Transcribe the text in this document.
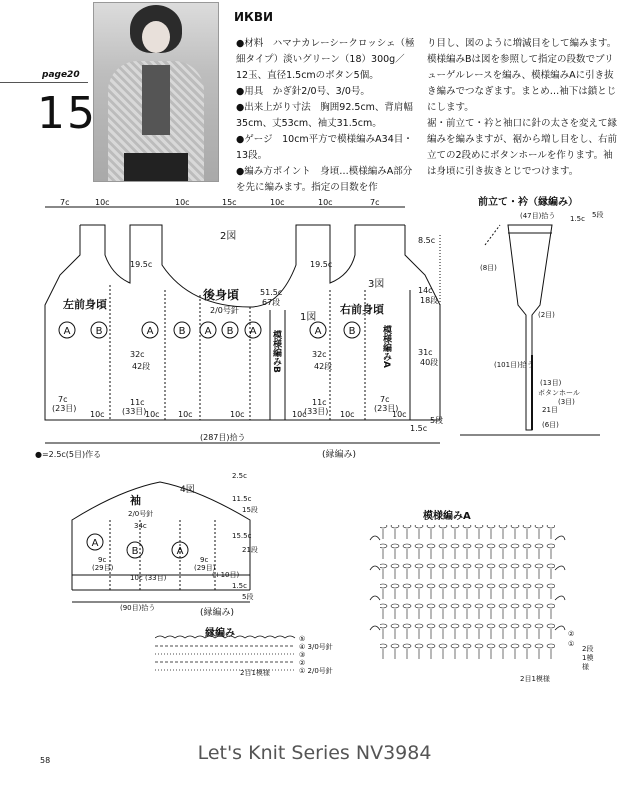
ИКВИ
page20
15

●材料　ハマナカレーシークロッシェ（極細タイプ）淡いグリーン（18）300g／12玉、直径1.5cmのボタン5個。

●用具　かぎ針2/0号、3/0号。

●出来上がり寸法　胸囲92.5cm、背肩幅35cm、丈53cm、袖丈31.5cm。

●ゲージ　10cm平方で模様編みA34目・13段。

●編み方ポイント　身頃…模様編みA部分を先に編みます。指定の目数を作

り目し、図のように増減目をして編みます。模様編みBは図を参照して指定の段数でブリューゲルレースを編み、模様編みAに引き抜き編みでつなぎます。まとめ…袖下は鎖とじにします。

裾・前立て・衿と袖口に針の太さを変えて縁編みを編みますが、裾から増し目をし、右前立ての2段めにボタンホールを作ります。袖は身頃に引き抜きとじでつけます。

7c	10c	10c	15c	10c	10c	7c
2図
19.5c	19.5c
51.5c
67段
3図
左前身頃
後身頃
2/0号針
1図
右前身頃
32c
42段
32c
42段
11c
(33目)
11c
(33目)
7c
(23目)
7c
(23目)
10c	10c 10c	10c	10c	10c	10c
(287目)拾う
(縁編み)
●=2.5c(5目)作る
8.5c
14c
18段
31c
40段
1.5c
5段
模様編みB	模様編みA
A	B	A	B A B A	A	B
前立て・衿（縁編み）
(47目)拾う 1.5c 5段
(8目)
(2目)
(101目)拾う
(13目)
ボタンホール
(3目)
21目
(6目)
4図
袖
2/0号針
34c
9c
(29目)
9c
(29目)
10c (33目)
(90目)拾う	(縁編み)
A
B	A
2.5c
11.5c
15段
15.5c
21段
1.5c
5段
(+10目)
縁編み	⑤
④ 3/0号針
③
②
① 2/0号針
2目1模様
模様編みA
②
①
2段1模様
2目1模様
Let's Knit Series NV3984
58
